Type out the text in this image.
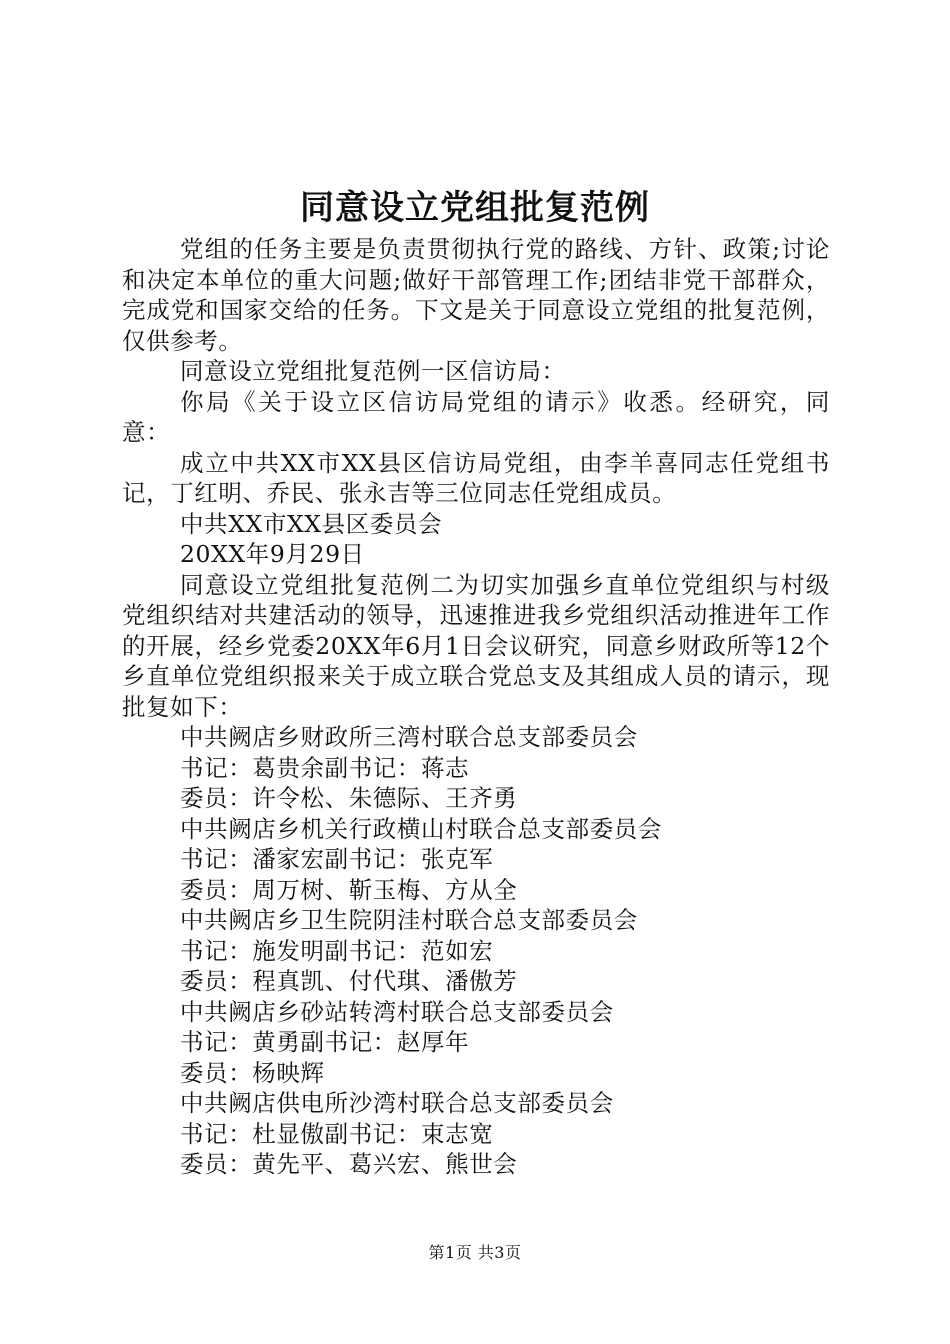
同意设立党组批复范例

党组的任务主要是负责贯彻执行党的路线、方针、政策;讨论和决定本单位的重大问题;做好干部管理工作;团结非党干部群众，完成党和国家交给的任务。下文是关于同意设立党组的批复范例，仅供参考。

同意设立党组批复范例一区信访局：

你局《关于设立区信访局党组的请示》收悉。经研究，同意：

成立中共XX市XX县区信访局党组，由李羊喜同志任党组书记，丁红明、乔民、张永吉等三位同志任党组成员。

中共XX市XX县区委员会

20XX年9月29日

同意设立党组批复范例二为切实加强乡直单位党组织与村级党组织结对共建活动的领导，迅速推进我乡党组织活动推进年工作的开展，经乡党委20XX年6月1日会议研究，同意乡财政所等12个乡直单位党组织报来关于成立联合党总支及其组成人员的请示，现批复如下：

中共阙店乡财政所三湾村联合总支部委员会

书记：葛贵余副书记：蒋志

委员：许令松、朱德际、王齐勇

中共阙店乡机关行政横山村联合总支部委员会

书记：潘家宏副书记：张克军

委员：周万树、靳玉梅、方从全

中共阙店乡卫生院阴洼村联合总支部委员会

书记：施发明副书记：范如宏

委员：程真凯、付代琪、潘傲芳

中共阙店乡砂站转湾村联合总支部委员会

书记：黄勇副书记：赵厚年

委员：杨映辉

中共阙店供电所沙湾村联合总支部委员会

书记：杜显傲副书记：束志宽

委员：黄先平、葛兴宏、熊世会

第1页 共3页
